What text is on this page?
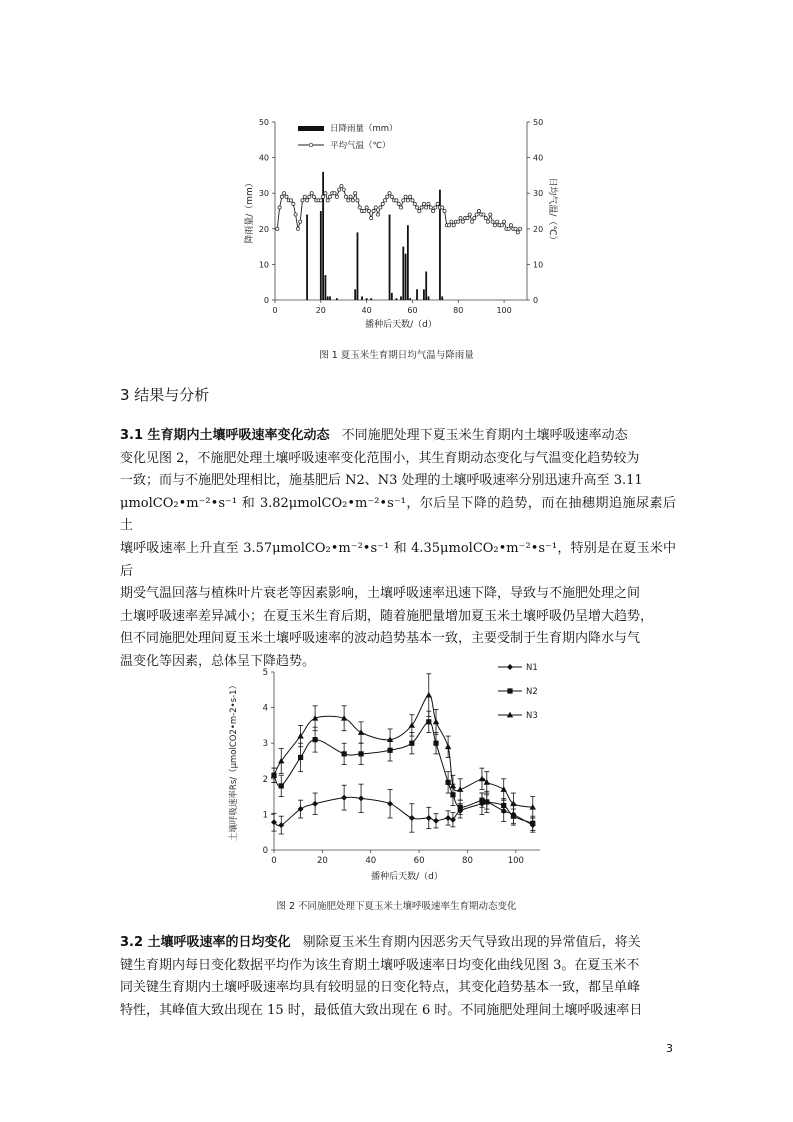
0	0
10	10
20	20
30	30
40	40
50	50
0	20	40	60	80	100
播种后天数/（d）
降雨量/（mm）	日均气温/（℃）
日降雨量（mm）
平均气温（℃）
图 1 夏玉米生育期日均气温与降雨量
3 结果与分析
3.1 生育期内土壤呼吸速率变化动态 不同施肥处理下夏玉米生育期内土壤呼吸速率动态
变化见图 2，不施肥处理土壤呼吸速率变化范围小，其生育期动态变化与气温变化趋势较为
一致；而与不施肥处理相比，施基肥后 N2、N3 处理的土壤呼吸速率分别迅速升高至 3.11
μmolCO₂•m⁻²•s⁻¹ 和 3.82μmolCO₂•m⁻²•s⁻¹，尔后呈下降的趋势，而在抽穗期追施尿素后土
壤呼吸速率上升直至 3.57μmolCO₂•m⁻²•s⁻¹ 和 4.35μmolCO₂•m⁻²•s⁻¹，特别是在夏玉米中后
期受气温回落与植株叶片衰老等因素影响，土壤呼吸速率迅速下降，导致与不施肥处理之间
土壤呼吸速率差异减小；在夏玉米生育后期，随着施肥量增加夏玉米土壤呼吸仍呈增大趋势，
但不同施肥处理间夏玉米土壤呼吸速率的波动趋势基本一致，主要受制于生育期内降水与气
温变化等因素，总体呈下降趋势。
0
1
2
3
4
5
0	20	40	60	80	100
播种后天数/（d）
土壤呼吸速率Rs/（μmolCO2•m-2•s-1）
N1
N2
N3
图 2 不同施肥处理下夏玉米土壤呼吸速率生育期动态变化
3.2 土壤呼吸速率的日均变化 剔除夏玉米生育期内因恶劣天气导致出现的异常值后，将关
键生育期内每日变化数据平均作为该生育期土壤呼吸速率日均变化曲线见图 3。在夏玉米不
同关键生育期内土壤呼吸速率均具有较明显的日变化特点，其变化趋势基本一致，都呈单峰
特性，其峰值大致出现在 15 时，最低值大致出现在 6 时。不同施肥处理间土壤呼吸速率日
3
